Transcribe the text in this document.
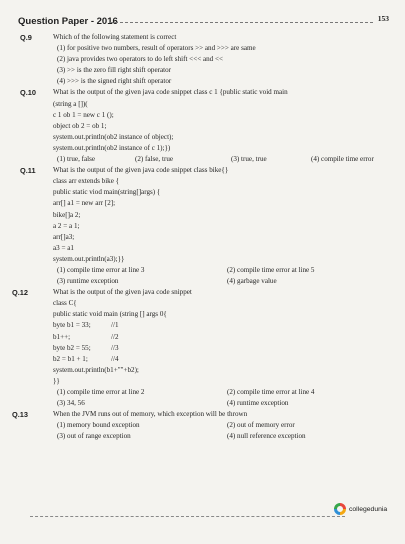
Question Paper - 2016	153
Q.9	Which of the following statement is correct
(1) for positive two numbers, result of operators >> and >>> are same
(2) java provides two operators to do left shift <<< and <<
(3) >> is the zero fill right shift operator
(4) >>> is the signed right shift operator
Q.10 What is the output of the given java code snippet class c 1 {public static void main
(string a [])(
c 1 ob 1 = new c 1 ();
object ob 2 = ob 1;
system.out.println(ob2 instance of object);
system.out.println(ob2 instance of c 1);})
(1) true, false	(2) false, true	(3) true, true	(4) compile time error
Q.11 What is the output of the given java code snippet class bike{}
class arr extends bike {
public static viod main(string[]args) {
arr[] a1 = new arr [2];
bike[]a 2;
a 2 = a 1;
arr[]a3;
a3 = a1
system.out.println(a3);}}
(1) compile time error at line 3	(2) compile time error at line 5
(3) runtime exception	(4) garbage value
Q.12	What is the output of the given java code snippet
class C{
public static void main (string [] args 0{
byte b1 = 33;	//1
b1++;	//2
byte b2 = 55;	//3
b2 = b1 + 1;	//4
system.out.println(b1+""+b2);
}}
(1) compile time error at line 2	(2) compile time error at line 4
(3) 34, 56	(4) runtime exception
Q.13	When the JVM runs out of memory, which exception will be thrown
(1) memory bound exception	(2) out of memory error
(3) out of range exception	(4) null reference exception
collegedunia
